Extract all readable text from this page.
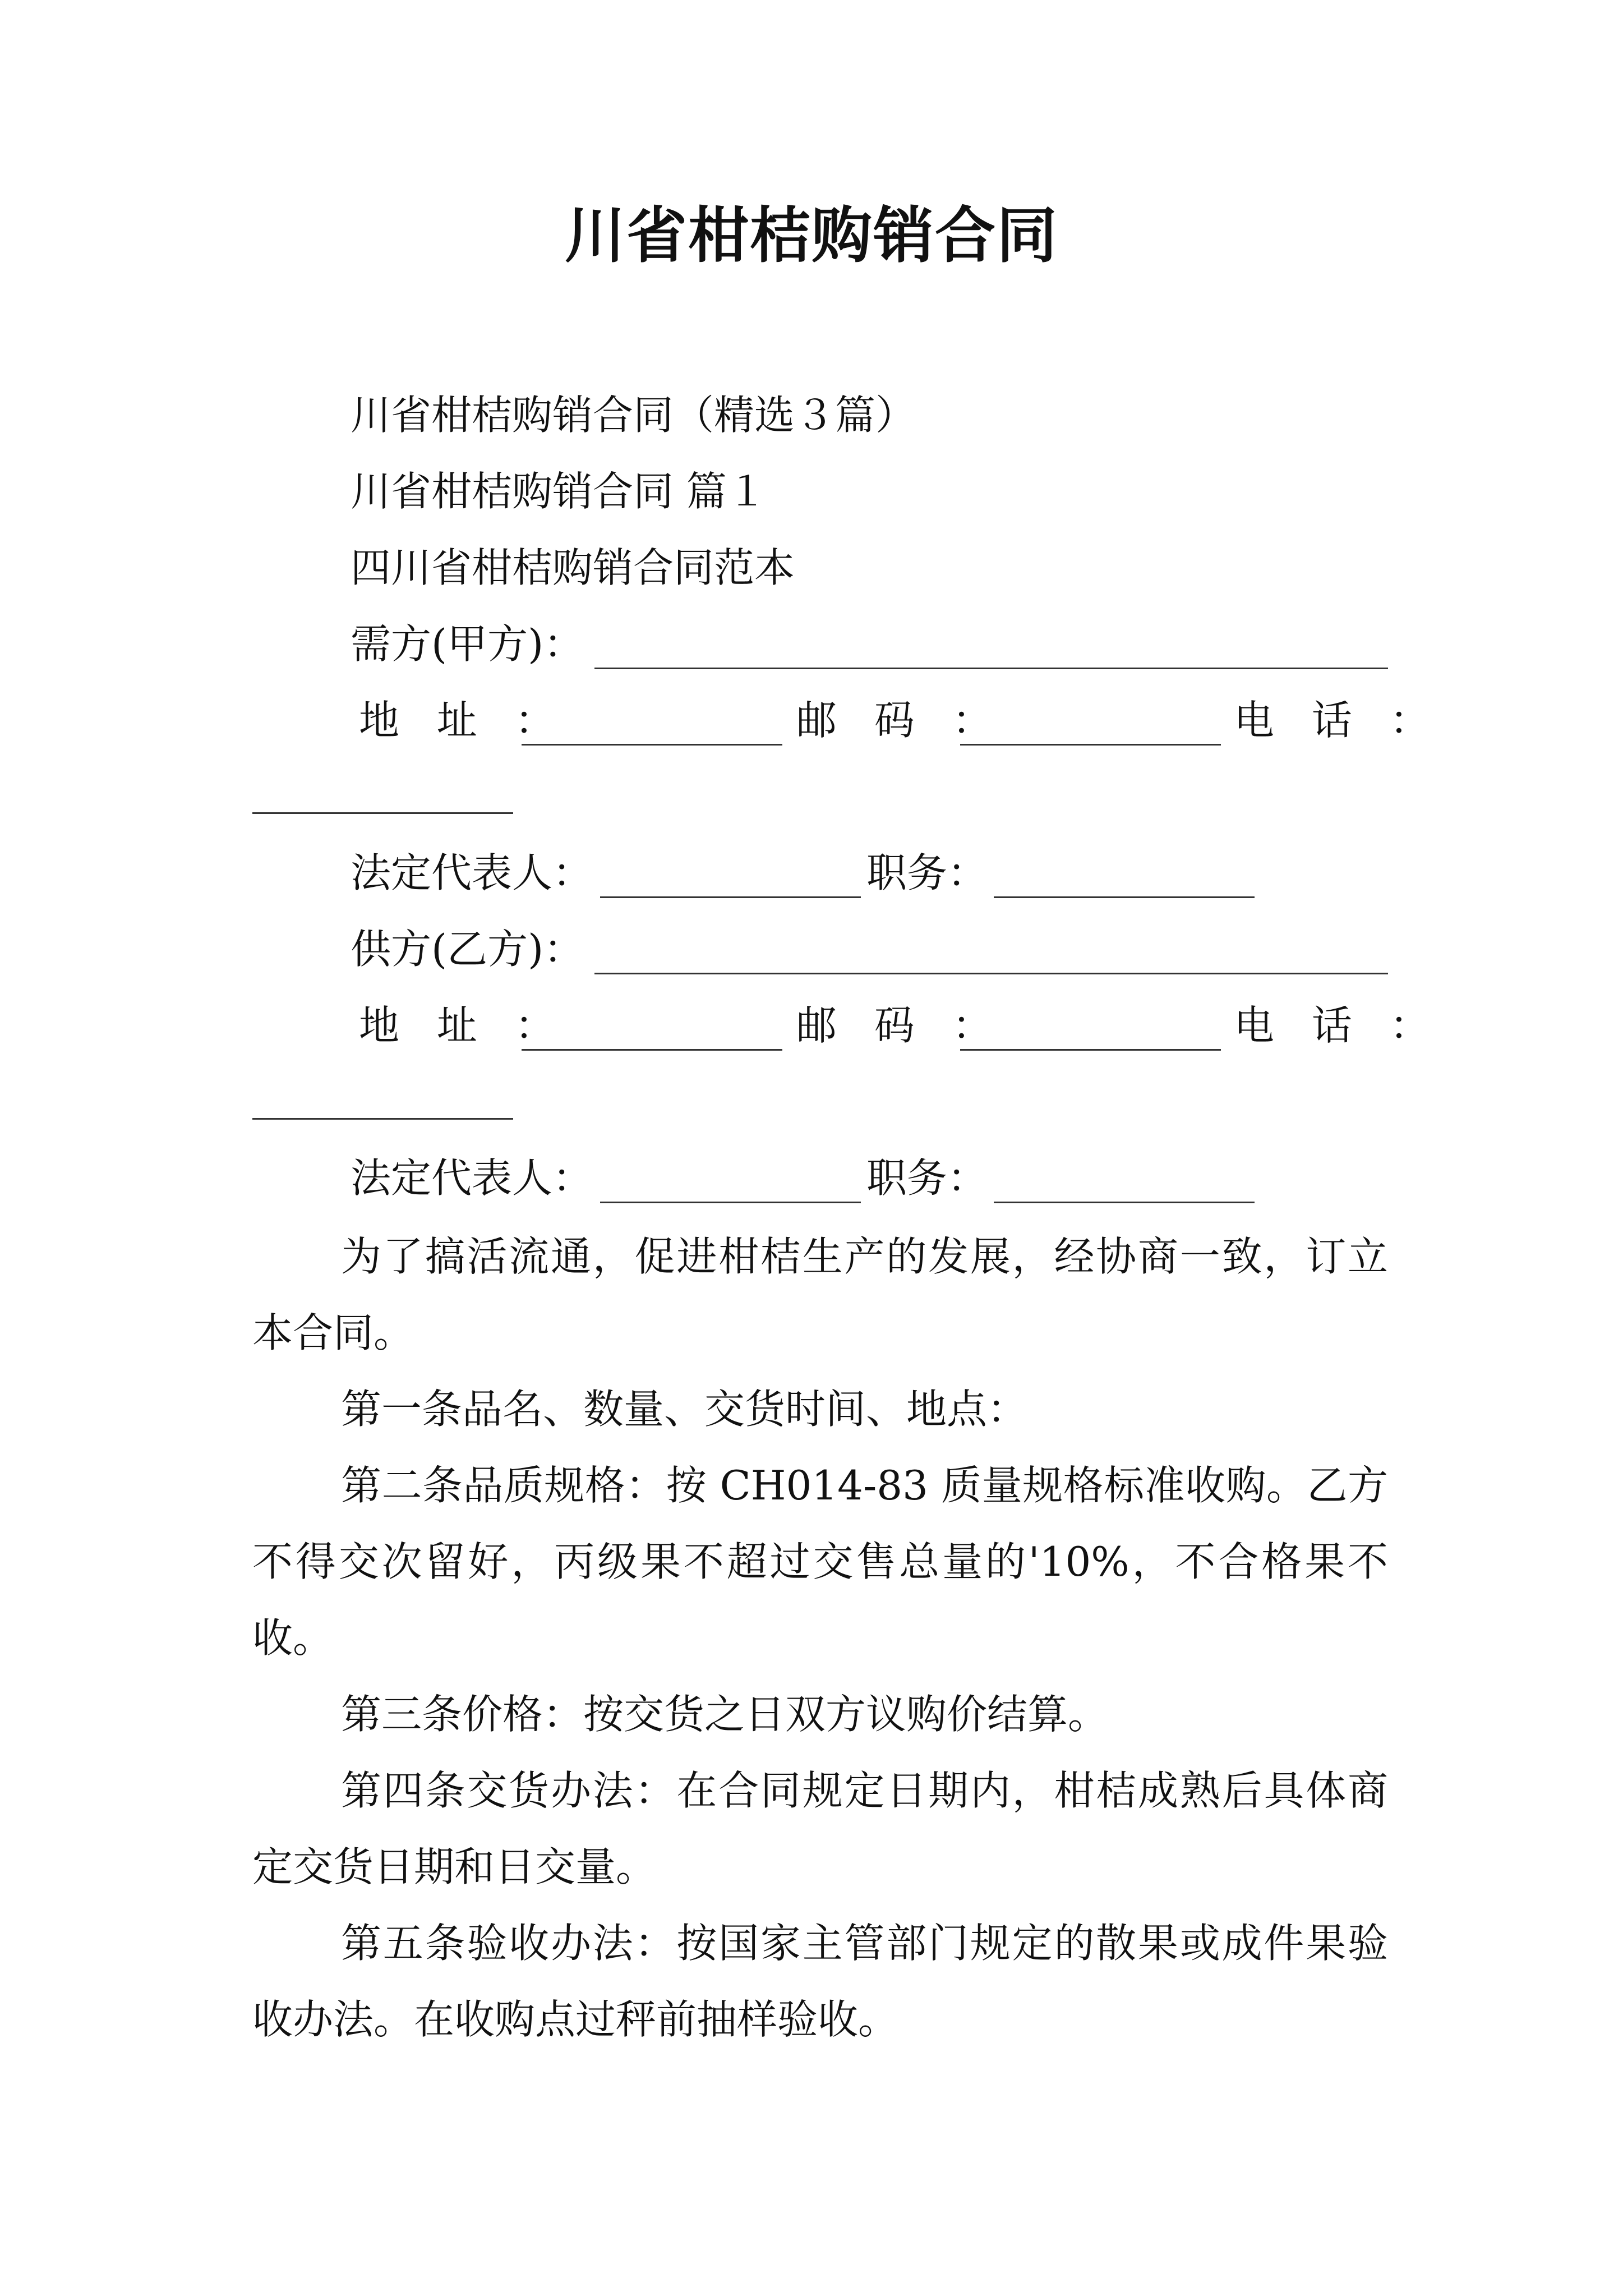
川省柑桔购销合同
川省柑桔购销合同（精选３篇）
川省柑桔购销合同 篇１
四川省柑桔购销合同范本
需方(甲方)：
地 址 ：	邮 码 ：	电 话 ：
法定代表人：	职务：
供方(乙方)：
地 址 ：	邮 码 ：	电 话 ：
法定代表人：	职务：
为了搞活流通，促进柑桔生产的发展，经协商一致，订立本合同。
第一条品名、数量、交货时间、地点：
第二条品质规格：按 CH014-83 质量规格标准收购。乙方不得交次留好，丙级果不超过交售总量的'10%，不合格果不收。
第三条价格：按交货之日双方议购价结算。
第四条交货办法：在合同规定日期内，柑桔成熟后具体商定交货日期和日交量。
第五条验收办法：按国家主管部门规定的散果或成件果验收办法。在收购点过秤前抽样验收。
